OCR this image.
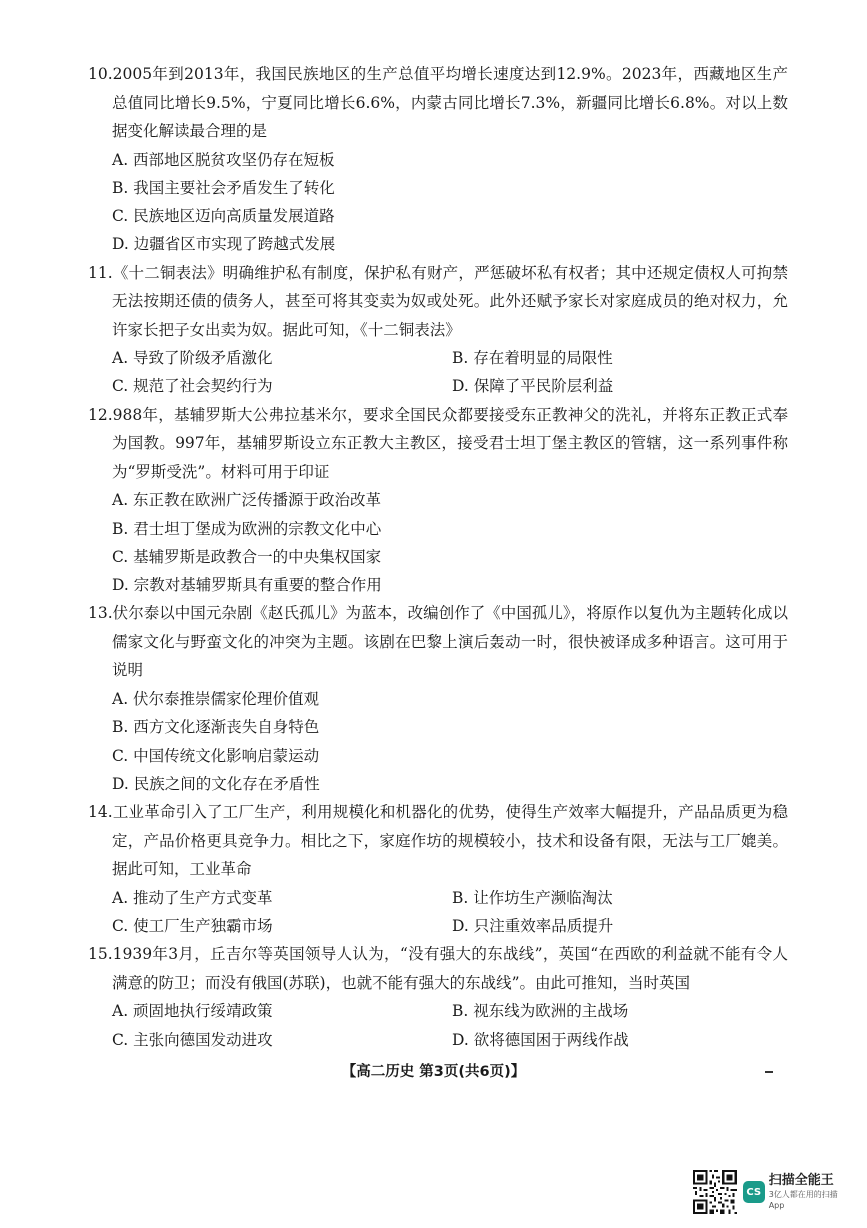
10.2005年到2013年，我国民族地区的生产总值平均增长速度达到12.9%。2023年，西藏地区生产总值同比增长9.5%，宁夏同比增长6.6%，内蒙古同比增长7.3%，新疆同比增长6.8%。对以上数据变化解读最合理的是
A. 西部地区脱贫攻坚仍存在短板
B. 我国主要社会矛盾发生了转化
C. 民族地区迈向高质量发展道路
D. 边疆省区市实现了跨越式发展
11.《十二铜表法》明确维护私有制度，保护私有财产，严惩破坏私有权者；其中还规定债权人可拘禁无法按期还债的债务人，甚至可将其变卖为奴或处死。此外还赋予家长对家庭成员的绝对权力，允许家长把子女出卖为奴。据此可知，《十二铜表法》
A. 导致了阶级矛盾激化	B. 存在着明显的局限性
C. 规范了社会契约行为	D. 保障了平民阶层利益
12.988年，基辅罗斯大公弗拉基米尔，要求全国民众都要接受东正教神父的洗礼，并将东正教正式奉为国教。997年，基辅罗斯设立东正教大主教区，接受君士坦丁堡主教区的管辖，这一系列事件称为“罗斯受洗”。材料可用于印证
A. 东正教在欧洲广泛传播源于政治改革
B. 君士坦丁堡成为欧洲的宗教文化中心
C. 基辅罗斯是政教合一的中央集权国家
D. 宗教对基辅罗斯具有重要的整合作用
13.伏尔泰以中国元杂剧《赵氏孤儿》为蓝本，改编创作了《中国孤儿》，将原作以复仇为主题转化成以儒家文化与野蛮文化的冲突为主题。该剧在巴黎上演后轰动一时，很快被译成多种语言。这可用于说明
A. 伏尔泰推崇儒家伦理价值观
B. 西方文化逐渐丧失自身特色
C. 中国传统文化影响启蒙运动
D. 民族之间的文化存在矛盾性
14.工业革命引入了工厂生产，利用规模化和机器化的优势，使得生产效率大幅提升，产品品质更为稳定，产品价格更具竞争力。相比之下，家庭作坊的规模较小，技术和设备有限，无法与工厂媲美。据此可知，工业革命
A. 推动了生产方式变革	B. 让作坊生产濒临淘汰
C. 使工厂生产独霸市场	D. 只注重效率品质提升
15.1939年3月，丘吉尔等英国领导人认为，“没有强大的东战线”，英国“在西欧的利益就不能有令人满意的防卫；而没有俄国(苏联)，也就不能有强大的东战线”。由此可推知，当时英国
A. 顽固地执行绥靖政策	B. 视东线为欧洲的主战场
C. 主张向德国发动进攻	D. 欲将德国困于两线作战
【高二历史 第3页(共6页)】
CS
扫描全能王
3亿人都在用的扫描App
